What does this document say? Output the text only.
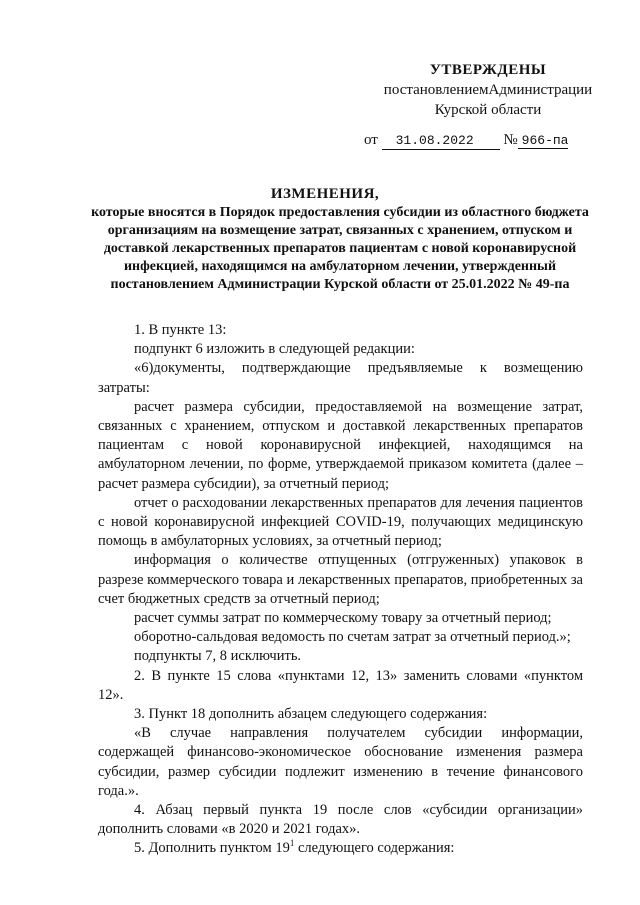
УТВЕРЖДЕНЫ
постановлениемАдминистрации
Курской области
от 31.08.2022 № 966-па
ИЗМЕНЕНИЯ,
которые вносятся в Порядок предоставления субсидии из областного бюджета организациям на возмещение затрат, связанных с хранением, отпуском и доставкой лекарственных препаратов пациентам с новой коронавирусной инфекцией, находящимся на амбулаторном лечении, утвержденный постановлением Администрации Курской области от 25.01.2022 № 49-па

1. В пункте 13:

подпункт 6 изложить в следующей редакции:

«6)документы, подтверждающие предъявляемые к возмещению затраты:

расчет размера субсидии, предоставляемой на возмещение затрат, связанных с хранением, отпуском и доставкой лекарственных препаратов пациентам с новой коронавирусной инфекцией, находящимся на амбулаторном лечении, по форме, утверждаемой приказом комитета (далее – расчет размера субсидии), за отчетный период;

отчет о расходовании лекарственных препаратов для лечения пациентов с новой коронавирусной инфекцией COVID-19, получающих медицинскую помощь в амбулаторных условиях, за отчетный период;

информация о количестве отпущенных (отгруженных) упаковок в разрезе коммерческого товара и лекарственных препаратов, приобретенных за счет бюджетных средств за отчетный период;

расчет суммы затрат по коммерческому товару за отчетный период;

оборотно-сальдовая ведомость по счетам затрат за отчетный период.»;

подпункты 7, 8 исключить.

2. В пункте 15 слова «пунктами 12, 13» заменить словами «пунктом 12».

3. Пункт 18 дополнить абзацем следующего содержания:

«В случае направления получателем субсидии информации, содержащей финансово-экономическое обоснование изменения размера субсидии, размер субсидии подлежит изменению в течение финансового года.».

4. Абзац первый пункта 19 после слов «субсидии организации» дополнить словами «в 2020 и 2021 годах».

5. Дополнить пунктом $19^1$ следующего содержания:
